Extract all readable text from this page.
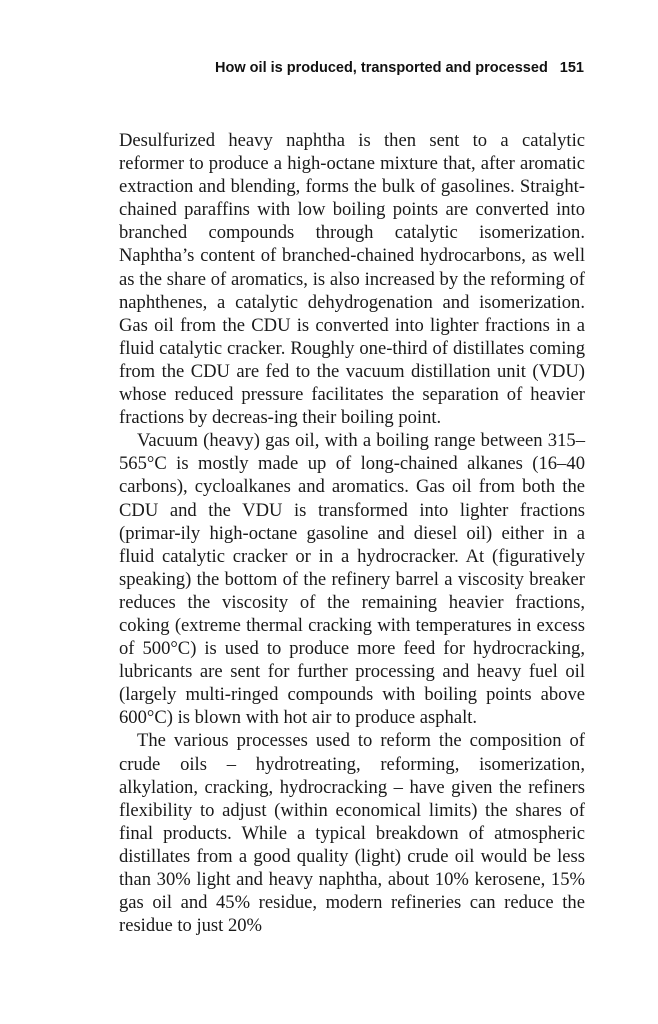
How oil is produced, transported and processed 151

Desulfurized heavy naphtha is then sent to a catalytic reformer to produce a high-octane mixture that, after aromatic extraction and blending, forms the bulk of gasolines. Straight-chained paraffins with low boiling points are converted into branched compounds through catalytic isomerization. Naphtha’s content of branched-chained hydrocarbons, as well as the share of aromatics, is also increased by the reforming of naphthenes, a catalytic dehydrogenation and isomerization. Gas oil from the CDU is converted into lighter fractions in a fluid catalytic cracker. Roughly one-third of distillates coming from the CDU are fed to the vacuum distillation unit (VDU) whose reduced pressure facilitates the separation of heavier fractions by decreas-ing their boiling point.

Vacuum (heavy) gas oil, with a boiling range between 315–565°C is mostly made up of long-chained alkanes (16–40 carbons), cycloalkanes and aromatics. Gas oil from both the CDU and the VDU is transformed into lighter fractions (primar-ily high-octane gasoline and diesel oil) either in a fluid catalytic cracker or in a hydrocracker. At (figuratively speaking) the bottom of the refinery barrel a viscosity breaker reduces the viscosity of the remaining heavier fractions, coking (extreme thermal cracking with temperatures in excess of 500°C) is used to produce more feed for hydrocracking, lubricants are sent for further processing and heavy fuel oil (largely multi-ringed compounds with boiling points above 600°C) is blown with hot air to produce asphalt.

The various processes used to reform the composition of crude oils – hydrotreating, reforming, isomerization, alkylation, cracking, hydrocracking – have given the refiners flexibility to adjust (within economical limits) the shares of final products. While a typical breakdown of atmospheric distillates from a good quality (light) crude oil would be less than 30% light and heavy naphtha, about 10% kerosene, 15% gas oil and 45% residue, modern refineries can reduce the residue to just 20%
